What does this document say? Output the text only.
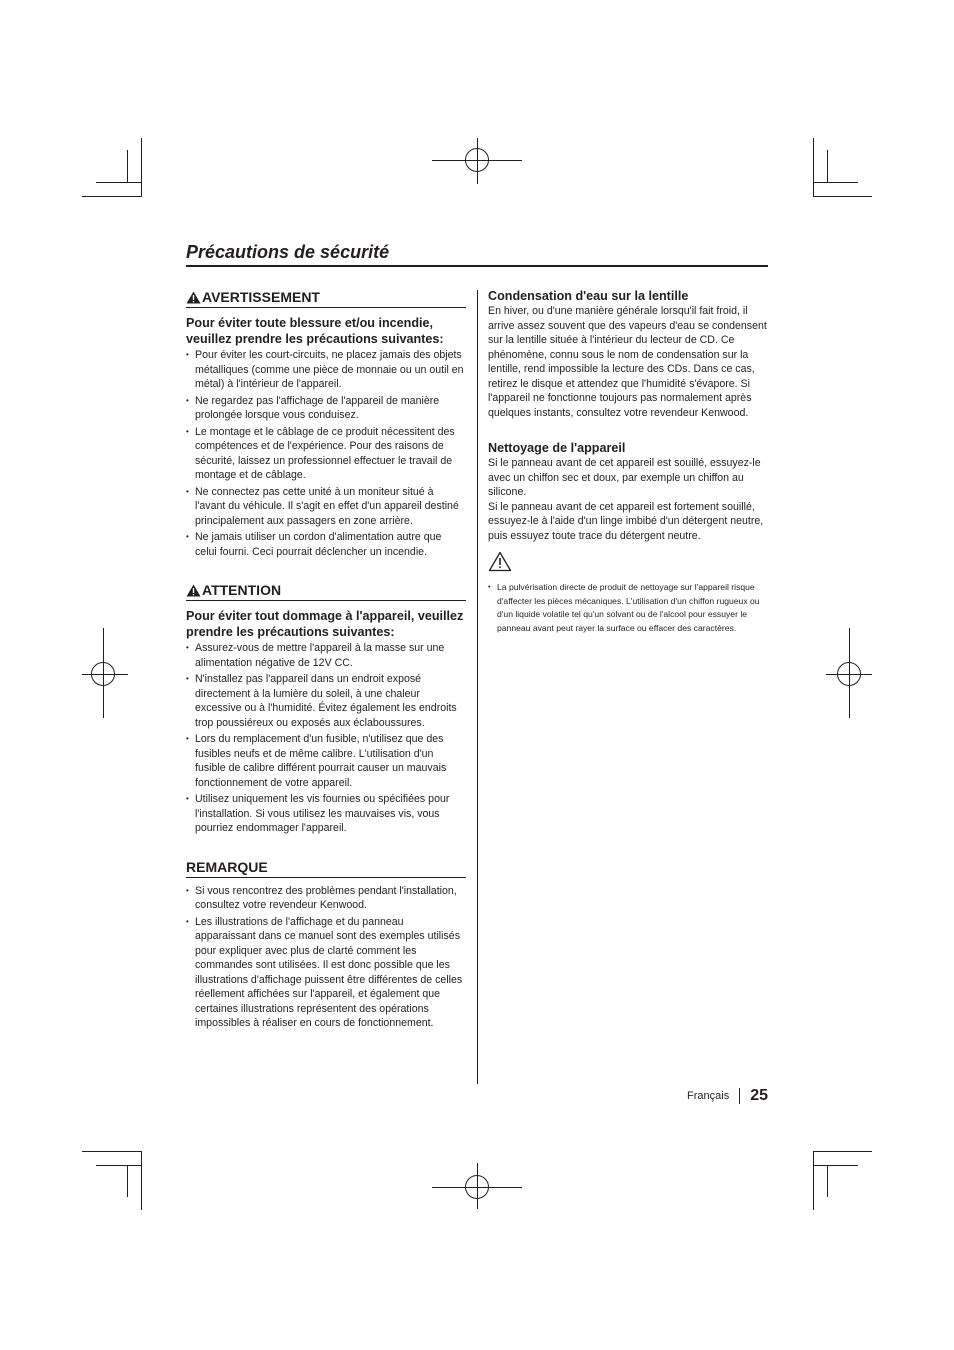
Précautions de sécurité
AVERTISSEMENT

Pour éviter toute blessure et/ou incendie, veuillez prendre les précautions suivantes:

• Pour éviter les court-circuits, ne placez jamais des objets métalliques (comme une pièce de monnaie ou un outil en métal) à l'intérieur de l'appareil.
• Ne regardez pas l'affichage de l'appareil de manière prolongée lorsque vous conduisez.
• Le montage et le câblage de ce produit nécessitent des compétences et de l'expérience. Pour des raisons de sécurité, laissez un professionnel effectuer le travail de montage et de câblage.
• Ne connectez pas cette unité à un moniteur situé à l'avant du véhicule. Il s'agit en effet d'un appareil destiné principalement aux passagers en zone arrière.
• Ne jamais utiliser un cordon d'alimentation autre que celui fourni. Ceci pourrait déclencher un incendie.
ATTENTION

Pour éviter tout dommage à l'appareil, veuillez prendre les précautions suivantes:

• Assurez-vous de mettre l'appareil à la masse sur une alimentation négative de 12V CC.
• N'installez pas l'appareil dans un endroit exposé directement à la lumière du soleil, à une chaleur excessive ou à l'humidité. Évitez également les endroits trop poussiéreux ou exposés aux éclaboussures.
• Lors du remplacement d'un fusible, n'utilisez que des fusibles neufs et de même calibre. L'utilisation d'un fusible de calibre différent pourrait causer un mauvais fonctionnement de votre appareil.
• Utilisez uniquement les vis fournies ou spécifiées pour l'installation. Si vous utilisez les mauvaises vis, vous pourriez endommager l'appareil.
REMARQUE
• Si vous rencontrez des problèmes pendant l'installation, consultez votre revendeur Kenwood.
• Les illustrations de l'affichage et du panneau apparaissant dans ce manuel sont des exemples utilisés pour expliquer avec plus de clarté comment les commandes sont utilisées. Il est donc possible que les illustrations d'affichage puissent être différentes de celles réellement affichées sur l'appareil, et également que certaines illustrations représentent des opérations impossibles à réaliser en cours de fonctionnement.
Condensation d'eau sur la lentille

En hiver, ou d'une manière générale lorsqu'il fait froid, il arrive assez souvent que des vapeurs d'eau se condensent sur la lentille située à l'intérieur du lecteur de CD. Ce phénomène, connu sous le nom de condensation sur la lentille, rend impossible la lecture des CDs. Dans ce cas, retirez le disque et attendez que l'humidité s'évapore. Si l'appareil ne fonctionne toujours pas normalement après quelques instants, consultez votre revendeur Kenwood.

Nettoyage de l'appareil

Si le panneau avant de cet appareil est souillé, essuyez-le avec un chiffon sec et doux, par exemple un chiffon au silicone.

Si le panneau avant de cet appareil est fortement souillé, essuyez-le à l'aide d'un linge imbibé d'un détergent neutre, puis essuyez toute trace du détergent neutre.

• La pulvérisation directe de produit de nettoyage sur l'appareil risque d'affecter les pièces mécaniques. L'utilisation d'un chiffon rugueux ou d'un liquide volatile tel qu'un solvant ou de l'alcool pour essuyer le panneau avant peut rayer la surface ou effacer des caractères.
Français 25
